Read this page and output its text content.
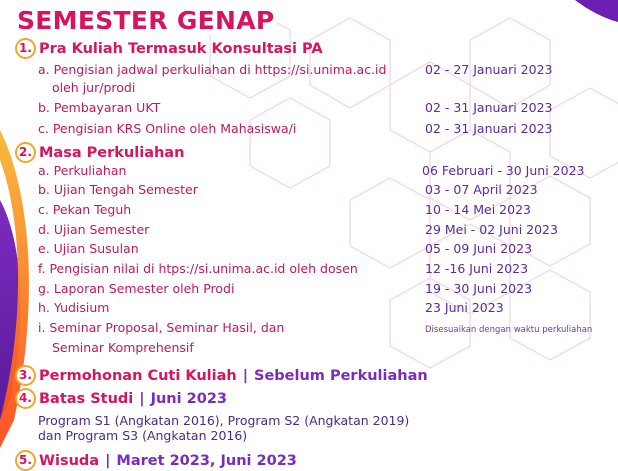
SEMESTER GENAP
1. Pra Kuliah Termasuk Konsultasi PA
a. Pengisian jadwal perkuliahan di https://si.unima.ac.id
oleh jur/prodi
02 - 27 Januari 2023
b. Pembayaran UKT	02 - 31 Januari 2023
c. Pengisian KRS Online oleh Mahasiswa/i	02 - 31 Januari 2023
2. Masa Perkuliahan
a. Perkuliahan	06 Februari - 30 Juni 2023
b. Ujian Tengah Semester	03 - 07 April 2023
c. Pekan Teguh	10 - 14 Mei 2023
d. Ujian Semester	29 Mei - 02 Juni 2023
e. Ujian Susulan	05 - 09 Juni 2023
f. Pengisian nilai di htps://si.unima.ac.id oleh dosen	12 -16 Juni 2023
g. Laporan Semester oleh Prodi	19 - 30 Juni 2023
h. Yudisium	23 Juni 2023
i. Seminar Proposal, Seminar Hasil, dan
Seminar Komprehensif
Disesuaikan dengan waktu perkuliahan
3. Permohonan Cuti Kuliah | Sebelum Perkuliahan
4. Batas Studi | Juni 2023
Program S1 (Angkatan 2016), Program S2 (Angkatan 2019)
dan Program S3 (Angkatan 2016)
5. Wisuda | Maret 2023, Juni 2023
